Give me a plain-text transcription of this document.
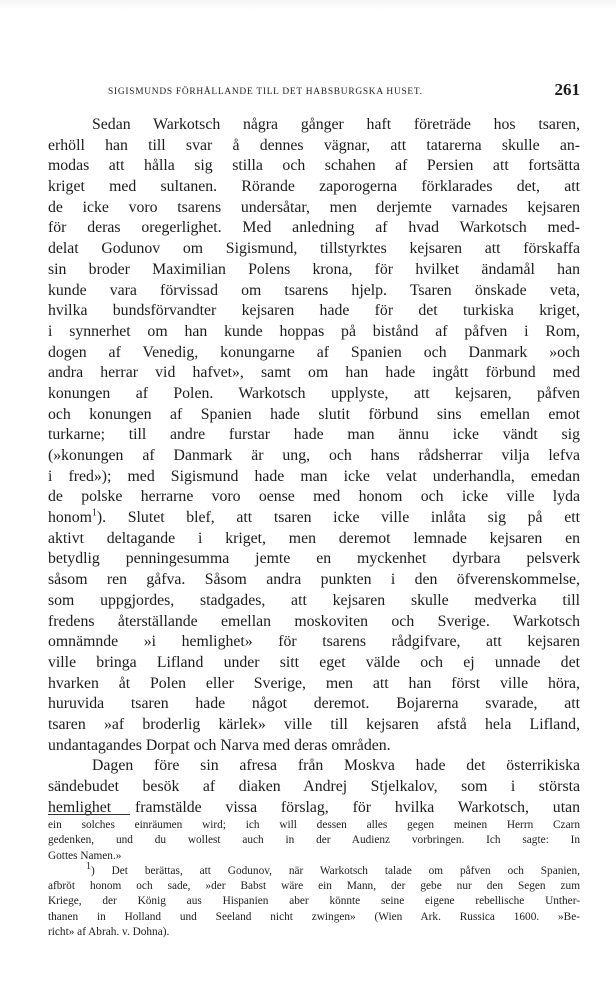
SIGISMUNDS FÖRHÅLLANDE TILL DET HABSBURGSKA HUSET.	261
Sedan Warkotsch några gånger haft företräde hos tsaren,
erhöll han till svar å dennes vägnar, att tatarerna skulle an-
modas att hålla sig stilla och schahen af Persien att fortsätta
kriget med sultanen. Rörande zaporogerna förklarades det, att
de icke voro tsarens undersåtar, men derjemte varnades kejsaren
för deras oregerlighet. Med anledning af hvad Warkotsch med-
delat Godunov om Sigismund, tillstyrktes kejsaren att förskaffa
sin broder Maximilian Polens krona, för hvilket ändamål han
kunde vara förvissad om tsarens hjelp. Tsaren önskade veta,
hvilka bundsförvandter kejsaren hade för det turkiska kriget,
i synnerhet om han kunde hoppas på bistånd af påfven i Rom,
dogen af Venedig, konungarne af Spanien och Danmark »och
andra herrar vid hafvet», samt om han hade ingått förbund med
konungen af Polen. Warkotsch upplyste, att kejsaren, påfven
och konungen af Spanien hade slutit förbund sins emellan emot
turkarne; till andre furstar hade man ännu icke vändt sig
(»konungen af Danmark är ung, och hans rådsherrar vilja lefva
i fred»); med Sigismund hade man icke velat underhandla, emedan
de polske herrarne voro oense med honom och icke ville lyda
honom$^1$). Slutet blef, att tsaren icke ville inlåta sig på ett
aktivt deltagande i kriget, men deremot lemnade kejsaren en
betydlig penningesumma jemte en myckenhet dyrbara pelsverk
såsom ren gåfva. Såsom andra punkten i den öfverenskommelse,
som uppgjordes, stadgades, att kejsaren skulle medverka till
fredens återställande emellan moskoviten och Sverige. Warkotsch
omnämnde »i hemlighet» för tsarens rådgifvare, att kejsaren
ville bringa Lifland under sitt eget välde och ej unnade det
hvarken åt Polen eller Sverige, men att han först ville höra,
huruvida tsaren hade något deremot. Bojarerna svarade, att
tsaren »af broderlig kärlek» ville till kejsaren afstå hela Lifland,
undantagandes Dorpat och Narva med deras områden.
Dagen före sin afresa från Moskva hade det österrikiska
sändebudet besök af diaken Andrej Stjelkalov, som i största
hemlighet framstälde vissa förslag, för hvilka Warkotsch, utan
ein solches einräumen wird; ich will dessen alles gegen meinen Herrn Czarn
gedenken, und du wollest auch in der Audienz vorbringen. Ich sagte: In
Gottes Namen.»
$^1$) Det berättas, att Godunov, när Warkotsch talade om påfven och Spanien,
afbröt honom och sade, »der Babst wäre ein Mann, der gebe nur den Segen zum
Kriege, der König aus Hispanien aber könnte seine eigene rebellische Unther-
thanen in Holland und Seeland nicht zwingen» (Wien Ark. Russica 1600. »Be-
richt» af Abrah. v. Dohna).
